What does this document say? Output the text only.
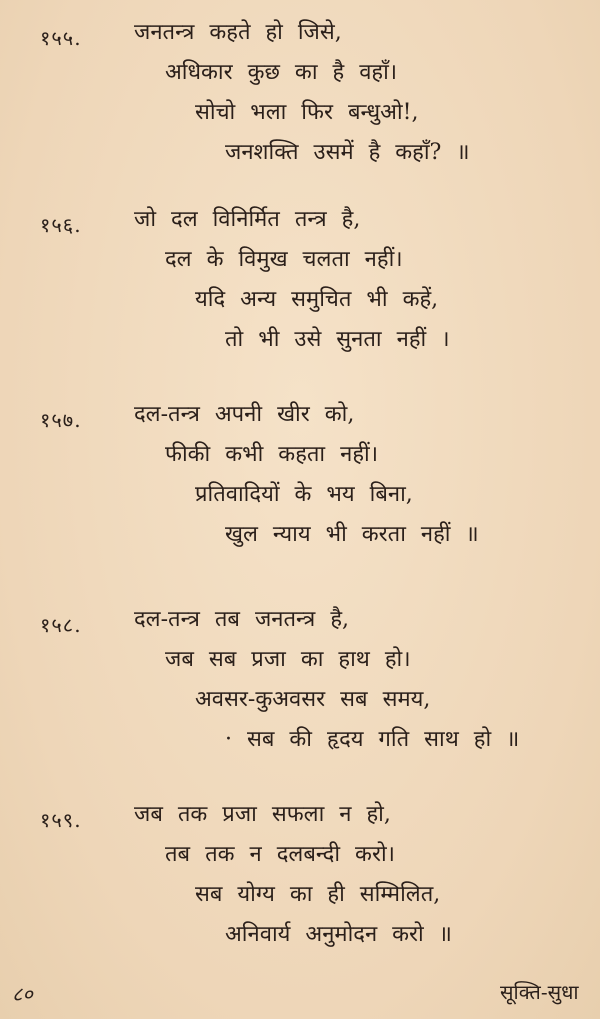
१५५. जनतन्त्र कहते हो जिसे,
अधिकार कुछ का है वहाँ।
सोचो भला फिर बन्धुओ!,
जनशक्ति उसमें है कहाँ? ॥
१५६. जो दल विनिर्मित तन्त्र है,
दल के विमुख चलता नहीं।
यदि अन्य समुचित भी कहें,
तो भी उसे सुनता नहीं ।
१५७. दल-तन्त्र अपनी खीर को,
फीकी कभी कहता नहीं।
प्रतिवादियों के भय बिना,
खुल न्याय भी करता नहीं ॥
१५८. दल-तन्त्र तब जनतन्त्र है,
जब सब प्रजा का हाथ हो।
अवसर-कुअवसर सब समय,
· सब की हृदय गति साथ हो ॥
१५९. जब तक प्रजा सफला न हो,
तब तक न दलबन्दी करो।
सब योग्य का ही सम्मिलित,
अनिवार्य अनुमोदन करो ॥
८०	सूक्ति-सुधा
